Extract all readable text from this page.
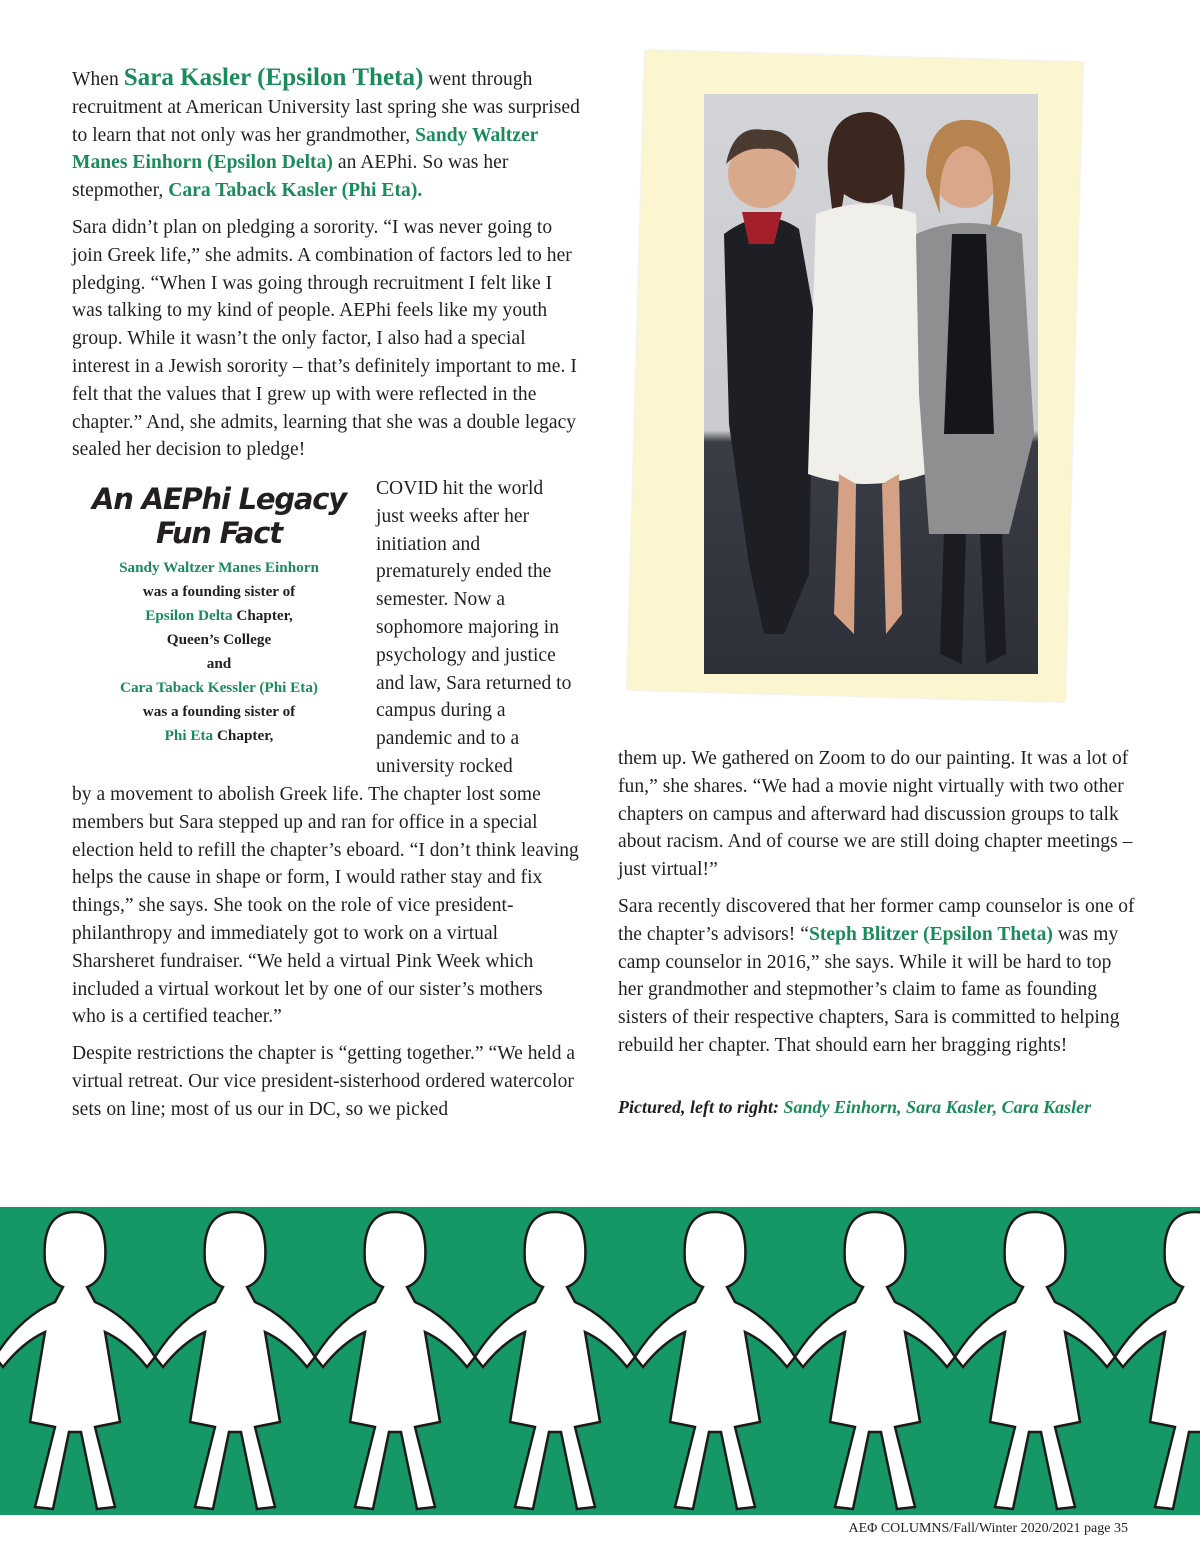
When Sara Kasler (Epsilon Theta) went through recruitment at American University last spring she was surprised to learn that not only was her grandmother, Sandy Waltzer Manes Einhorn (Epsilon Delta) an AEPhi. So was her stepmother, Cara Taback Kasler (Phi Eta).

Sara didn’t plan on pledging a sorority. “I was never going to join Greek life,” she admits. A combination of factors led to her pledging. “When I was going through recruitment I felt like I was talking to my kind of people. AEPhi feels like my youth group. While it wasn’t the only factor, I also had a special interest in a Jewish sorority – that’s definitely important to me. I felt that the values that I grew up with were reflected in the chapter.” And, she admits, learning that she was a double legacy sealed her decision to pledge!

An AEPhi Legacy
Fun Fact
Sandy Waltzer Manes Einhorn
was a founding sister of
Epsilon Delta Chapter,
Queen’s College
and
Cara Taback Kessler (Phi Eta)
was a founding sister of
Phi Eta Chapter,

COVID hit the world just weeks after her initiation and prematurely ended the semester. Now a sophomore majoring in psychology and justice and law, Sara returned to campus during a pandemic and to a university rocked

by a movement to abolish Greek life. The chapter lost some members but Sara stepped up and ran for office in a special election held to refill the chapter’s eboard. “I don’t think leaving helps the cause in shape or form, I would rather stay and fix things,” she says. She took on the role of vice president-philanthropy and immediately got to work on a virtual Sharsheret fundraiser. “We held a virtual Pink Week which included a virtual workout let by one of our sister’s mothers who is a certified teacher.”

Despite restrictions the chapter is “getting together.” “We held a virtual retreat. Our vice president-sisterhood ordered watercolor sets on line; most of us our in DC, so we picked

them up. We gathered on Zoom to do our painting. It was a lot of fun,” she shares. “We had a movie night virtually with two other chapters on campus and afterward had discussion groups to talk about racism. And of course we are still doing chapter meetings – just virtual!”

Sara recently discovered that her former camp counselor is one of the chapter’s advisors! “Steph Blitzer (Epsilon Theta) was my camp counselor in 2016,” she says. While it will be hard to top her grandmother and stepmother’s claim to fame as founding sisters of their respective chapters, Sara is committed to helping rebuild her chapter. That should earn her bragging rights!

Pictured, left to right: Sandy Einhorn, Sara Kasler, Cara Kasler
ΑΕΦ COLUMNS/Fall/Winter 2020/2021 page 35
